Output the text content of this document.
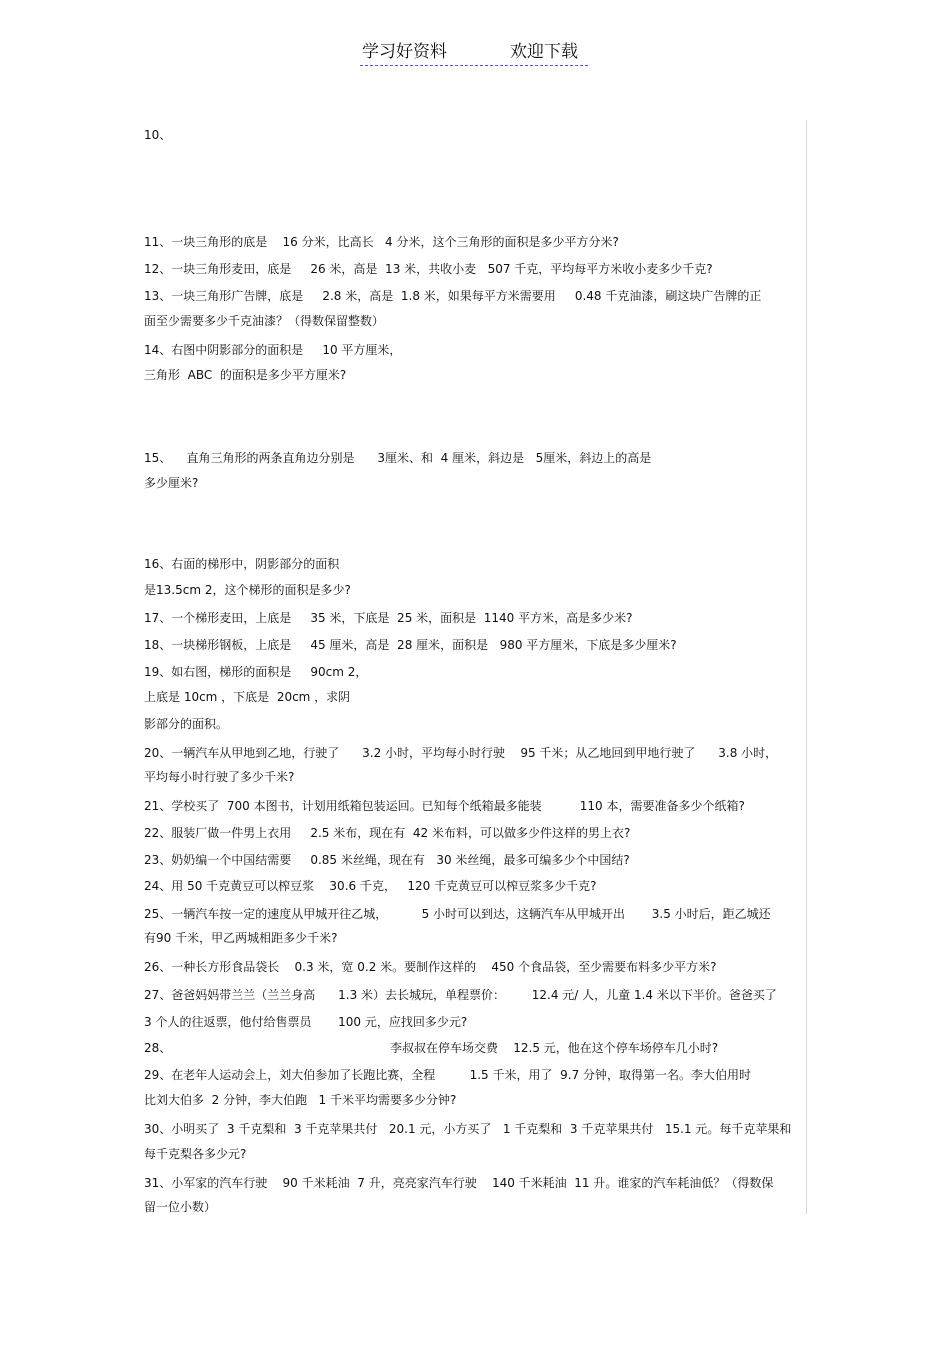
学习好资料	欢迎下载
10、
11、一块三角形的底是    16 分米，比高长   4 分米，这个三角形的面积是多少平方分米?
12、一块三角形麦田，底是     26 米，高是  13 米，共收小麦   507 千克，平均每平方米收小麦多少千克?
13、一块三角形广告牌，底是     2.8 米，高是  1.8 米，如果每平方米需要用     0.48 千克油漆，刷这块广告牌的正
面至少需要多少千克油漆？（得数保留整数）
14、右图中阴影部分的面积是     10 平方厘米，
三角形  ABC  的面积是多少平方厘米?
15、    直角三角形的两条直角边分别是      3厘米、和  4 厘米，斜边是   5厘米，斜边上的高是
多少厘米?
16、右面的梯形中，阴影部分的面积
是13.5cm 2，这个梯形的面积是多少?
17、一个梯形麦田，上底是     35 米，下底是  25 米，面积是  1140 平方米，高是多少米?
18、一块梯形钢板，上底是     45 厘米，高是  28 厘米，面积是   980 平方厘米，下底是多少厘米?
19、如右图，梯形的面积是     90cm 2，
上底是 10cm ，下底是  20cm ，求阴
影部分的面积。
20、一辆汽车从甲地到乙地，行驶了      3.2 小时，平均每小时行驶    95 千米；从乙地回到甲地行驶了      3.8 小时，
平均每小时行驶了多少千米?
21、学校买了  700 本图书，计划用纸箱包装运回。已知每个纸箱最多能装          110 本，需要准备多少个纸箱?
22、服装厂做一件男上衣用     2.5 米布，现在有  42 米布料，可以做多少件这样的男上衣?
23、奶奶编一个中国结需要     0.85 米丝绳，现在有   30 米丝绳，最多可编多少个中国结?
24、用 50 千克黄豆可以榨豆浆    30.6 千克，   120 千克黄豆可以榨豆浆多少千克?
25、一辆汽车按一定的速度从甲城开往乙城，         5 小时可以到达，这辆汽车从甲城开出       3.5 小时后，距乙城还
有90 千米，甲乙两城相距多少千米?
26、一种长方形食品袋长    0.3 米，宽 0.2 米。要制作这样的    450 个食品袋，至少需要布料多少平方米?
27、爸爸妈妈带兰兰（兰兰身高      1.3 米）去长城玩，单程票价：       12.4 元/ 人，儿童 1.4 米以下半价。爸爸买了
3 个人的往返票，他付给售票员       100 元，应找回多少元?
28、	李叔叔在停车场交费    12.5 元，他在这个停车场停车几小时?
29、在老年人运动会上，刘大伯参加了长跑比赛，全程         1.5 千米，用了  9.7 分钟，取得第一名。李大伯用时
比刘大伯多  2 分钟，李大伯跑   1 千米平均需要多少分钟?
30、小明买了  3 千克梨和  3 千克苹果共付   20.1 元，小方买了   1 千克梨和  3 千克苹果共付   15.1 元。每千克苹果和
每千克梨各多少元?
31、小军家的汽车行驶    90 千米耗油  7 升，亮亮家汽车行驶    140 千米耗油  11 升。谁家的汽车耗油低？（得数保
留一位小数）
